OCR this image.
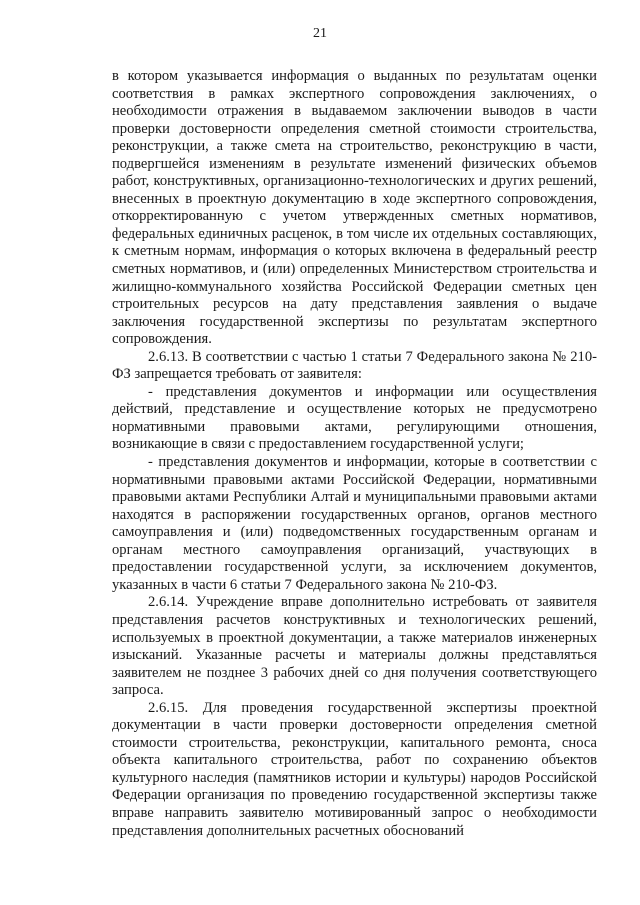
21

в котором указывается информация о выданных по результатам оценки соответствия в рамках экспертного сопровождения заключениях, о необходимости отражения в выдаваемом заключении выводов в части проверки достоверности определения сметной стоимости строительства, реконструкции, а также смета на строительство, реконструкцию в части, подвергшейся изменениям в результате изменений физических объемов работ, конструктивных, организационно-технологических и других решений, внесенных в проектную документацию в ходе экспертного сопровождения, откорректированную с учетом утвержденных сметных нормативов, федеральных единичных расценок, в том числе их отдельных составляющих, к сметным нормам, информация о которых включена в федеральный реестр сметных нормативов, и (или) определенных Министерством строительства и жилищно-коммунального хозяйства Российской Федерации сметных цен строительных ресурсов на дату представления заявления о выдаче заключения государственной экспертизы по результатам экспертного сопровождения.

2.6.13. В соответствии с частью 1 статьи 7 Федерального закона № 210-ФЗ запрещается требовать от заявителя:

- представления документов и информации или осуществления действий, представление и осуществление которых не предусмотрено нормативными правовыми актами, регулирующими отношения, возникающие в связи с предоставлением государственной услуги;

- представления документов и информации, которые в соответствии с нормативными правовыми актами Российской Федерации, нормативными правовыми актами Республики Алтай и муниципальными правовыми актами находятся в распоряжении государственных органов, органов местного самоуправления и (или) подведомственных государственным органам и органам местного самоуправления организаций, участвующих в предоставлении государственной услуги, за исключением документов, указанных в части 6 статьи 7 Федерального закона № 210-ФЗ.

2.6.14. Учреждение вправе дополнительно истребовать от заявителя представления расчетов конструктивных и технологических решений, используемых в проектной документации, а также материалов инженерных изысканий. Указанные расчеты и материалы должны представляться заявителем не позднее 3 рабочих дней со дня получения соответствующего запроса.

2.6.15. Для проведения государственной экспертизы проектной документации в части проверки достоверности определения сметной стоимости строительства, реконструкции, капитального ремонта, сноса объекта капитального строительства, работ по сохранению объектов культурного наследия (памятников истории и культуры) народов Российской Федерации организация по проведению государственной экспертизы также вправе направить заявителю мотивированный запрос о необходимости представления дополнительных расчетных обоснований
